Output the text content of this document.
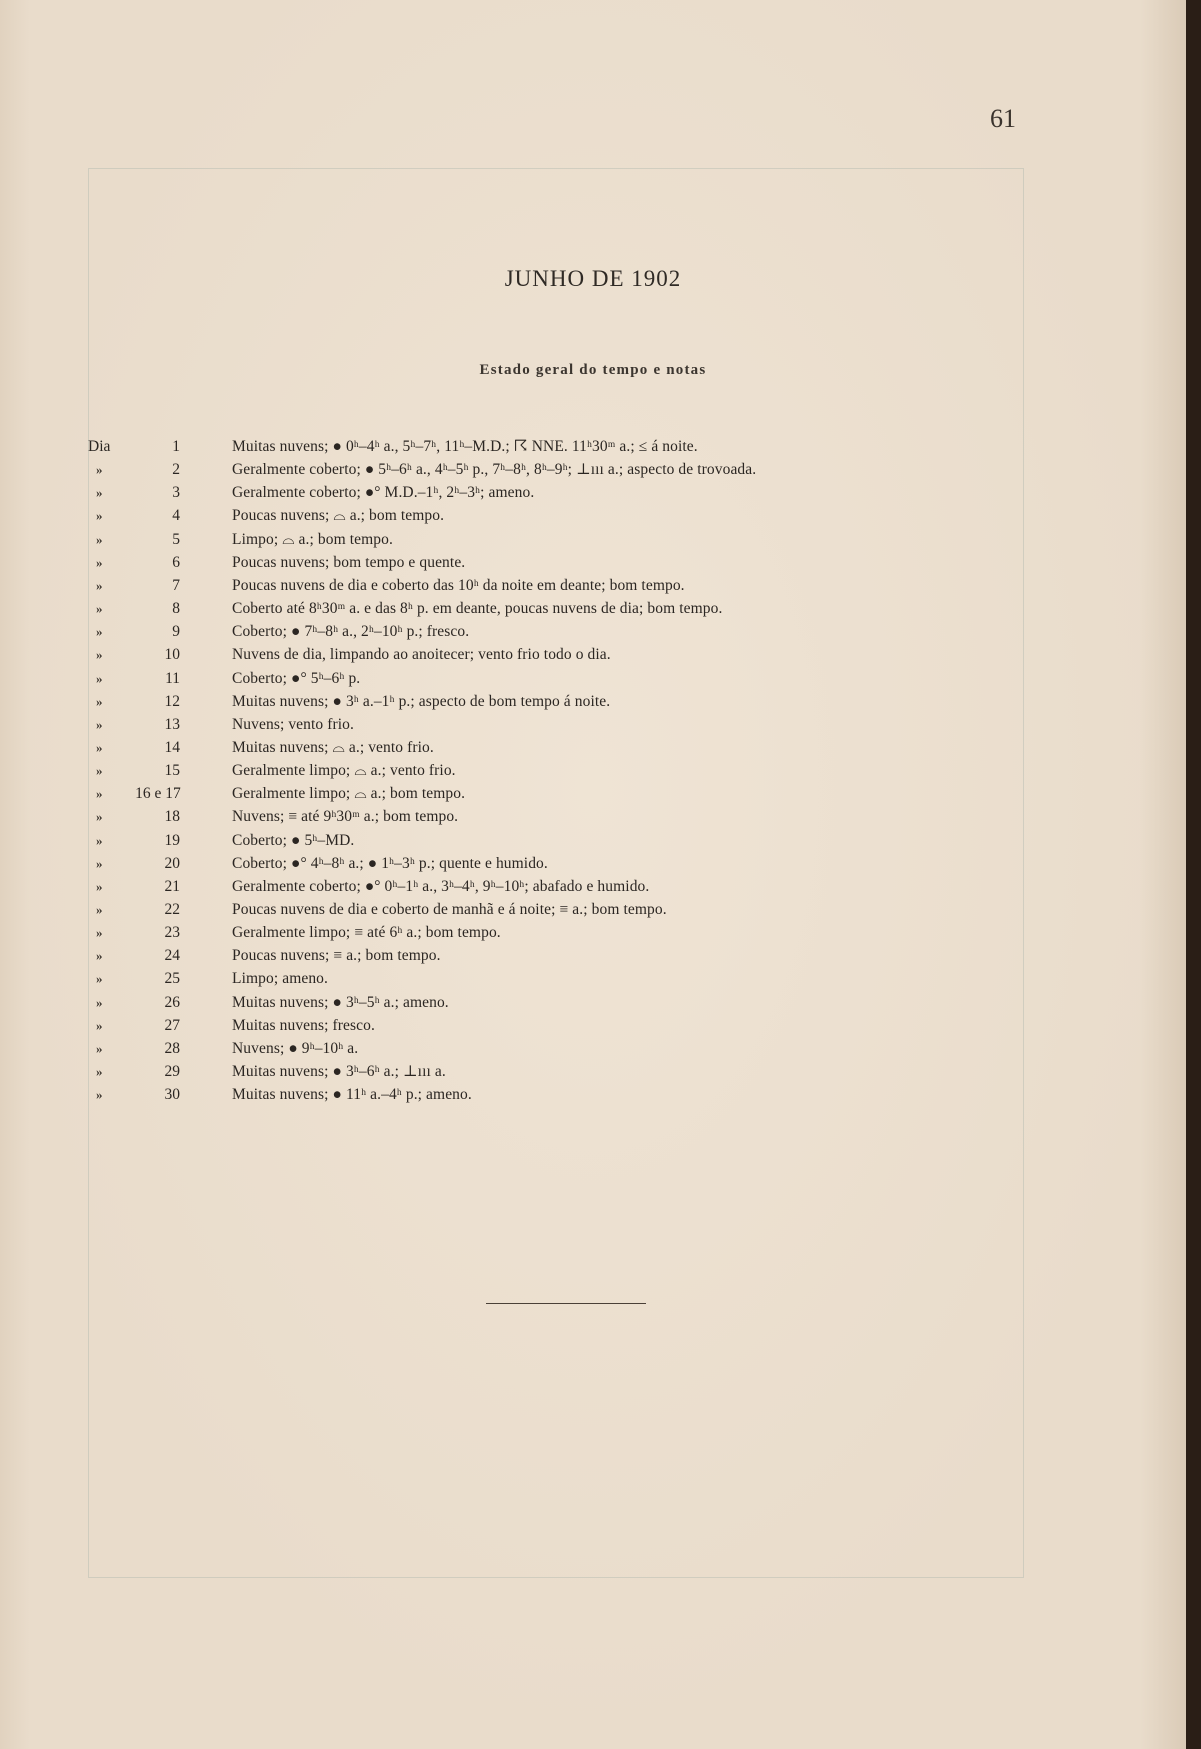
61
JUNHO DE 1902
Estado geral do tempo e notas
Dia	1	Muitas nuvens; ● 0ʰ–4ʰ a., 5ʰ–7ʰ, 11ʰ–M.D.; ☈ NNE. 11ʰ30ᵐ a.; ≤ á noite.
»	2	Geralmente coberto; ● 5ʰ–6ʰ a., 4ʰ–5ʰ p., 7ʰ–8ʰ, 8ʰ–9ʰ; ⊥ııı a.; aspecto de trovoada.
»	3	Geralmente coberto; ●° M.D.–1ʰ, 2ʰ–3ʰ; ameno.
»	4	Poucas nuvens; ⌓ a.; bom tempo.
»	5	Limpo; ⌓ a.; bom tempo.
»	6	Poucas nuvens; bom tempo e quente.
»	7	Poucas nuvens de dia e coberto das 10ʰ da noite em deante; bom tempo.
»	8	Coberto até 8ʰ30ᵐ a. e das 8ʰ p. em deante, poucas nuvens de dia; bom tempo.
»	9	Coberto; ● 7ʰ–8ʰ a., 2ʰ–10ʰ p.; fresco.
»	10	Nuvens de dia, limpando ao anoitecer; vento frio todo o dia.
»	11	Coberto; ●° 5ʰ–6ʰ p.
»	12	Muitas nuvens; ● 3ʰ a.–1ʰ p.; aspecto de bom tempo á noite.
»	13	Nuvens; vento frio.
»	14	Muitas nuvens; ⌓ a.; vento frio.
»	15	Geralmente limpo; ⌓ a.; vento frio.
»	16 e 17	Geralmente limpo; ⌓ a.; bom tempo.
»	18	Nuvens; ≡ até 9ʰ30ᵐ a.; bom tempo.
»	19	Coberto; ● 5ʰ–MD.
»	20	Coberto; ●° 4ʰ–8ʰ a.; ● 1ʰ–3ʰ p.; quente e humido.
»	21	Geralmente coberto; ●° 0ʰ–1ʰ a., 3ʰ–4ʰ, 9ʰ–10ʰ; abafado e humido.
»	22	Poucas nuvens de dia e coberto de manhã e á noite; ≡ a.; bom tempo.
»	23	Geralmente limpo; ≡ até 6ʰ a.; bom tempo.
»	24	Poucas nuvens; ≡ a.; bom tempo.
»	25	Limpo; ameno.
»	26	Muitas nuvens; ● 3ʰ–5ʰ a.; ameno.
»	27	Muitas nuvens; fresco.
»	28	Nuvens; ● 9ʰ–10ʰ a.
»	29	Muitas nuvens; ● 3ʰ–6ʰ a.; ⊥ııı a.
»	30	Muitas nuvens; ● 11ʰ a.–4ʰ p.; ameno.
